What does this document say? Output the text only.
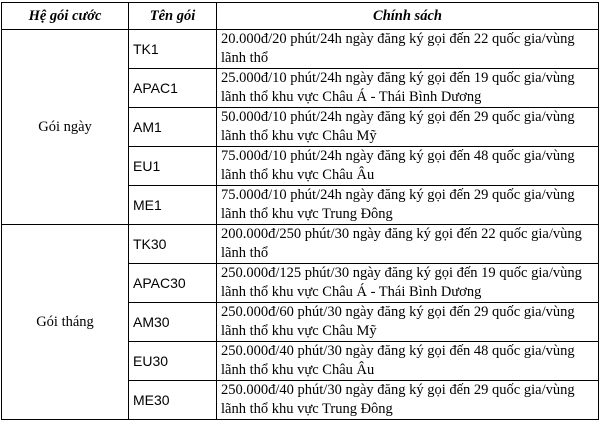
Hệ gói cước	Tên gói	Chính sách
Gói ngày	TK1	20.000đ/20 phút/24h ngày đăng ký gọi đến 22 quốc gia/vùng lãnh thổ
	APAC1	25.000đ/10 phút/24h ngày đăng ký gọi đến 19 quốc gia/vùng lãnh thổ khu vực Châu Á - Thái Bình Dương
	AM1	50.000đ/10 phút/24h ngày đăng ký gọi đến 29 quốc gia/vùng lãnh thổ khu vực Châu Mỹ
	EU1	75.000đ/10 phút/24h ngày đăng ký gọi đến 48 quốc gia/vùng lãnh thổ khu vực Châu Âu
	ME1	75.000đ/10 phút/24h ngày đăng ký gọi đến 29 quốc gia/vùng lãnh thổ khu vực Trung Đông
Gói tháng	TK30	200.000đ/250 phút/30 ngày đăng ký gọi đến 22 quốc gia/vùng lãnh thổ
	APAC30	250.000đ/125 phút/30 ngày đăng ký gọi đến 19 quốc gia/vùng lãnh thổ khu vực Châu Á - Thái Bình Dương
	AM30	250.000đ/60 phút/30 ngày đăng ký gọi đến 29 quốc gia/vùng lãnh thổ khu vực Châu Mỹ
	EU30	250.000đ/40 phút/30 ngày đăng ký gọi đến 48 quốc gia/vùng lãnh thổ khu vực Châu Âu
	ME30	250.000đ/40 phút/30 ngày đăng ký gọi đến 29 quốc gia/vùng lãnh thổ khu vực Trung Đông
